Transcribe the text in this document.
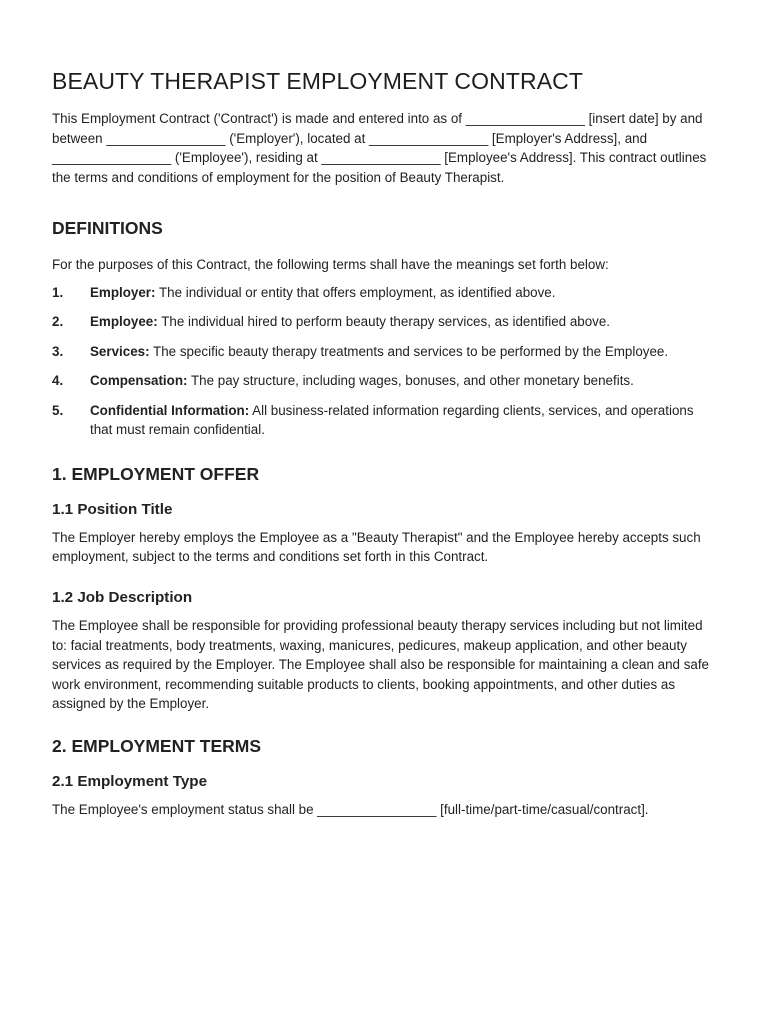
BEAUTY THERAPIST EMPLOYMENT CONTRACT

This Employment Contract ('Contract') is made and entered into as of ________________ [insert date] by and between ________________ ('Employer'), located at ________________ [Employer's Address], and ________________ ('Employee'), residing at ________________ [Employee's Address]. This contract outlines the terms and conditions of employment for the position of Beauty Therapist.

DEFINITIONS

For the purposes of this Contract, the following terms shall have the meanings set forth below:

1.	Employer: The individual or entity that offers employment, as identified above.
2.	Employee: The individual hired to perform beauty therapy services, as identified above.
3.	Services: The specific beauty therapy treatments and services to be performed by the Employee.
4.	Compensation: The pay structure, including wages, bonuses, and other monetary benefits.
5.	Confidential Information: All business-related information regarding clients, services, and operations that must remain confidential.
1. EMPLOYMENT OFFER
1.1 Position Title

The Employer hereby employs the Employee as a "Beauty Therapist" and the Employee hereby accepts such employment, subject to the terms and conditions set forth in this Contract.

1.2 Job Description

The Employee shall be responsible for providing professional beauty therapy services including but not limited to: facial treatments, body treatments, waxing, manicures, pedicures, makeup application, and other beauty services as required by the Employer. The Employee shall also be responsible for maintaining a clean and safe work environment, recommending suitable products to clients, booking appointments, and other duties as assigned by the Employer.

2. EMPLOYMENT TERMS
2.1 Employment Type

The Employee's employment status shall be ________________ [full-time/part-time/casual/contract].
